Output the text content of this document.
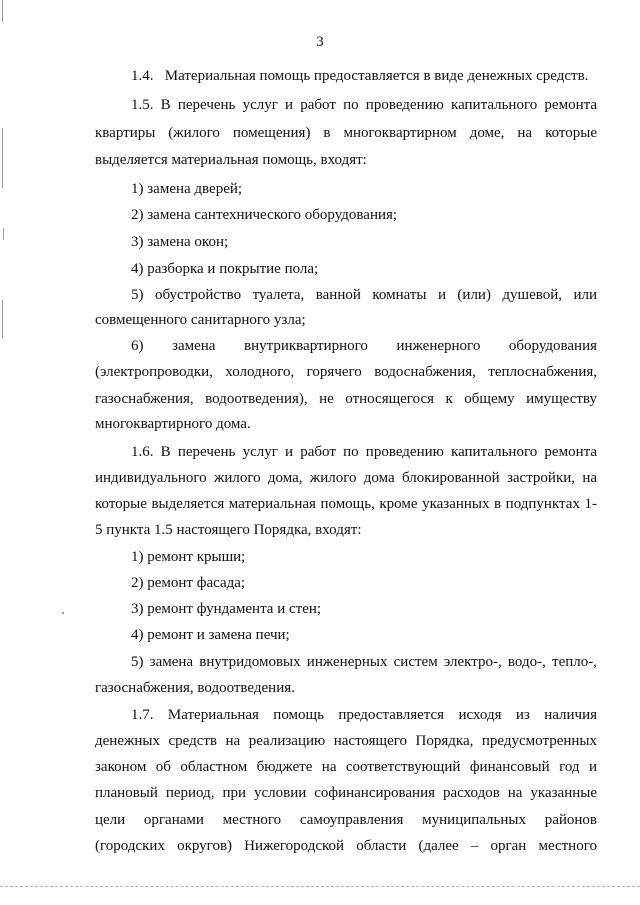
3
1.4.   Материальная помощь предоставляется в виде денежных средств.
1.5. В перечень услуг и работ по проведению капитального ремонта
квартиры (жилого помещения) в многоквартирном доме, на которые
выделяется материальная помощь, входят:
1) замена дверей;
2) замена сантехнического оборудования;
3) замена окон;
4) разборка и покрытие пола;
5) обустройство туалета, ванной комнаты и (или) душевой, или
совмещенного санитарного узла;
6) замена внутриквартирного инженерного оборудования
(электропроводки, холодного, горячего водоснабжения, теплоснабжения,
газоснабжения, водоотведения), не относящегося к общему имуществу
многоквартирного дома.
1.6. В перечень услуг и работ по проведению капитального ремонта
индивидуального жилого дома, жилого дома блокированной застройки, на
которые выделяется материальная помощь, кроме указанных в подпунктах 1-
5 пункта 1.5 настоящего Порядка, входят:
1) ремонт крыши;
2) ремонт фасада;
3) ремонт фундамента и стен;
4) ремонт и замена печи;
5) замена внутридомовых инженерных систем электро-, водо-, тепло-,
газоснабжения, водоотведения.
1.7. Материальная помощь предоставляется исходя из наличия
денежных средств на реализацию настоящего Порядка, предусмотренных
законом об областном бюджете на соответствующий финансовый год и
плановый период, при условии софинансирования расходов на указанные
цели органами местного самоуправления муниципальных районов
(городских округов) Нижегородской области (далее – орган местного
